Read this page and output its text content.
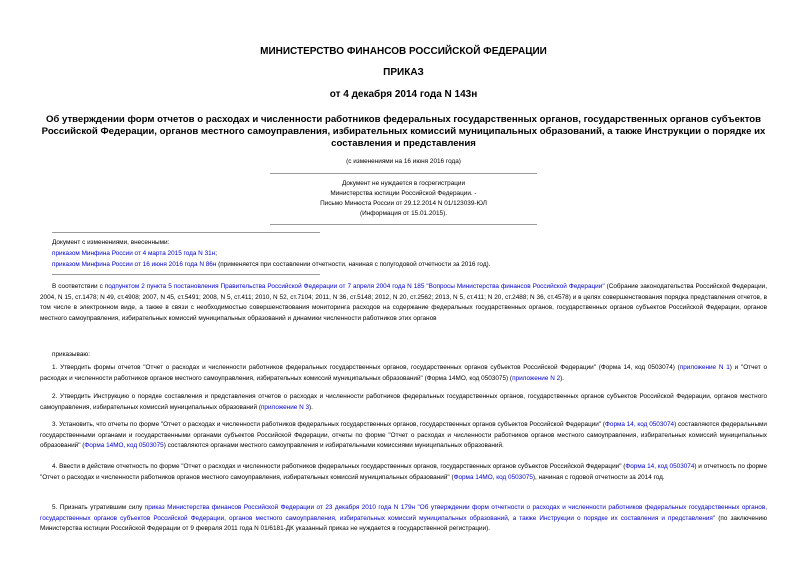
МИНИСТЕРСТВО ФИНАНСОВ РОССИЙСКОЙ ФЕДЕРАЦИИ
ПРИКАЗ
от 4 декабря 2014 года N 143н
Об утверждении форм отчетов о расходах и численности работников федеральных государственных органов, государственных органов субъектов Российской Федерации, органов местного самоуправления, избирательных комиссий муниципальных образований, а также Инструкции о порядке их составления и представления
(с изменениями на 16 июня 2016 года)
Документ не нуждается в госрегистрации
Министерства юстиции Российской Федерации. -
Письмо Минюста России от 29.12.2014 N 01/123039-ЮЛ
(Информация от 15.01.2015).
Документ с изменениями, внесенными:
приказом Минфина России от 4 марта 2015 года N 31н;
приказом Минфина России от 16 июня 2016 года N 86н (применяется при составлении отчетности, начиная с полугодовой отчетности за 2016 год).
В соответствии с подпунктом 2 пункта 5 постановления Правительства Российской Федерации от 7 апреля 2004 года N 185 "Вопросы Министерства финансов Российской Федерации" (Собрание законодательства Российской Федерации, 2004, N 15, ст.1478; N 49, ст.4908; 2007, N 45, ст.5491; 2008, N 5, ст.411; 2010, N 52, ст.7104; 2011, N 36, ст.5148; 2012, N 20, ст.2562; 2013, N 5, ст.411; N 20, ст.2488; N 36, ст.4578) и в целях совершенствования порядка представления отчетов, в том числе в электронном виде, а также в связи с необходимостью совершенствования мониторинга расходов на содержание федеральных государственных органов, государственных органов субъектов Российской Федерации, органов местного самоуправления, избирательных комиссий муниципальных образований и динамики численности работников этих органов
приказываю:
1. Утвердить формы отчетов "Отчет о расходах и численности работников федеральных государственных органов, государственных органов субъектов Российской Федерации" (Форма 14, код 0503074) (приложение N 1) и "Отчет о расходах и численности работников органов местного самоуправления, избирательных комиссий муниципальных образований" (Форма 14МО, код 0503075) (приложение N 2).
2. Утвердить Инструкцию о порядке составления и представления отчетов о расходах и численности работников федеральных государственных органов, государственных органов субъектов Российской Федерации, органов местного самоуправления, избирательных комиссий муниципальных образований (приложение N 3).
3. Установить, что отчеты по форме "Отчет о расходах и численности работников федеральных государственных органов, государственных органов субъектов Российской Федерации" (Форма 14, код 0503074) составляются федеральными государственными органами и государственными органами субъектов Российской Федерации, отчеты по форме "Отчет о расходах и численности работников органов местного самоуправления, избирательных комиссий муниципальных образований" (Форма 14МО, код 0503075) составляются органами местного самоуправления и избирательными комиссиями муниципальных образований.
4. Ввести в действие отчетность по форме "Отчет о расходах и численности работников федеральных государственных органов, государственных органов субъектов Российской Федерации" (Форма 14, код 0503074) и отчетность по форме "Отчет о расходах и численности работников органов местного самоуправления, избирательных комиссий муниципальных образований" (Форма 14МО, код 0503075), начиная с годовой отчетности за 2014 год.
5. Признать утратившим силу приказ Министерства финансов Российской Федерации от 23 декабря 2010 года N 179н "Об утверждении форм отчетности о расходах и численности работников федеральных государственных органов, государственных органов субъектов Российской Федерации, органов местного самоуправления, избирательных комиссий муниципальных образований, а также Инструкции о порядке их составления и представления" (по заключению Министерства юстиции Российской Федерации от 9 февраля 2011 года N 01/6181-ДК указанный приказ не нуждается в государственной регистрации).
